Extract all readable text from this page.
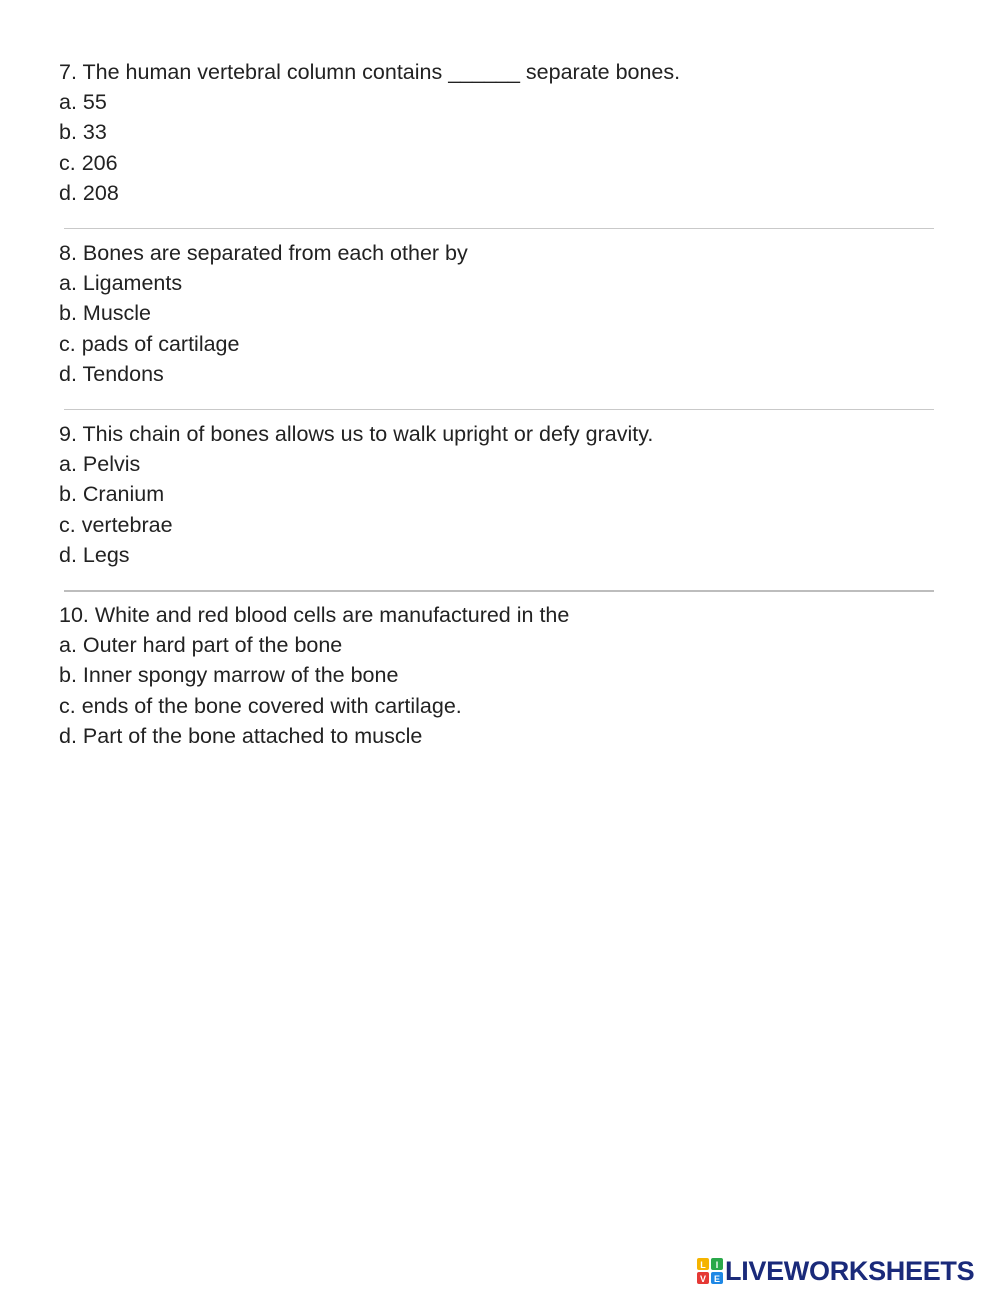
7. The human vertebral column contains ______ separate bones.
a. 55
b. 33
c. 206
d. 208
8. Bones are separated from each other by
a. Ligaments
b. Muscle
c. pads of cartilage
d. Tendons
9. This chain of bones allows us to walk upright or defy gravity.
a. Pelvis
b. Cranium
c. vertebrae
d. Legs
10. White and red blood cells are manufactured in the
a. Outer hard part of the bone
b. Inner spongy marrow of the bone
c. ends of the bone covered with cartilage.
d. Part of the bone attached to muscle
L I
V E LIVEWORKSHEETS
